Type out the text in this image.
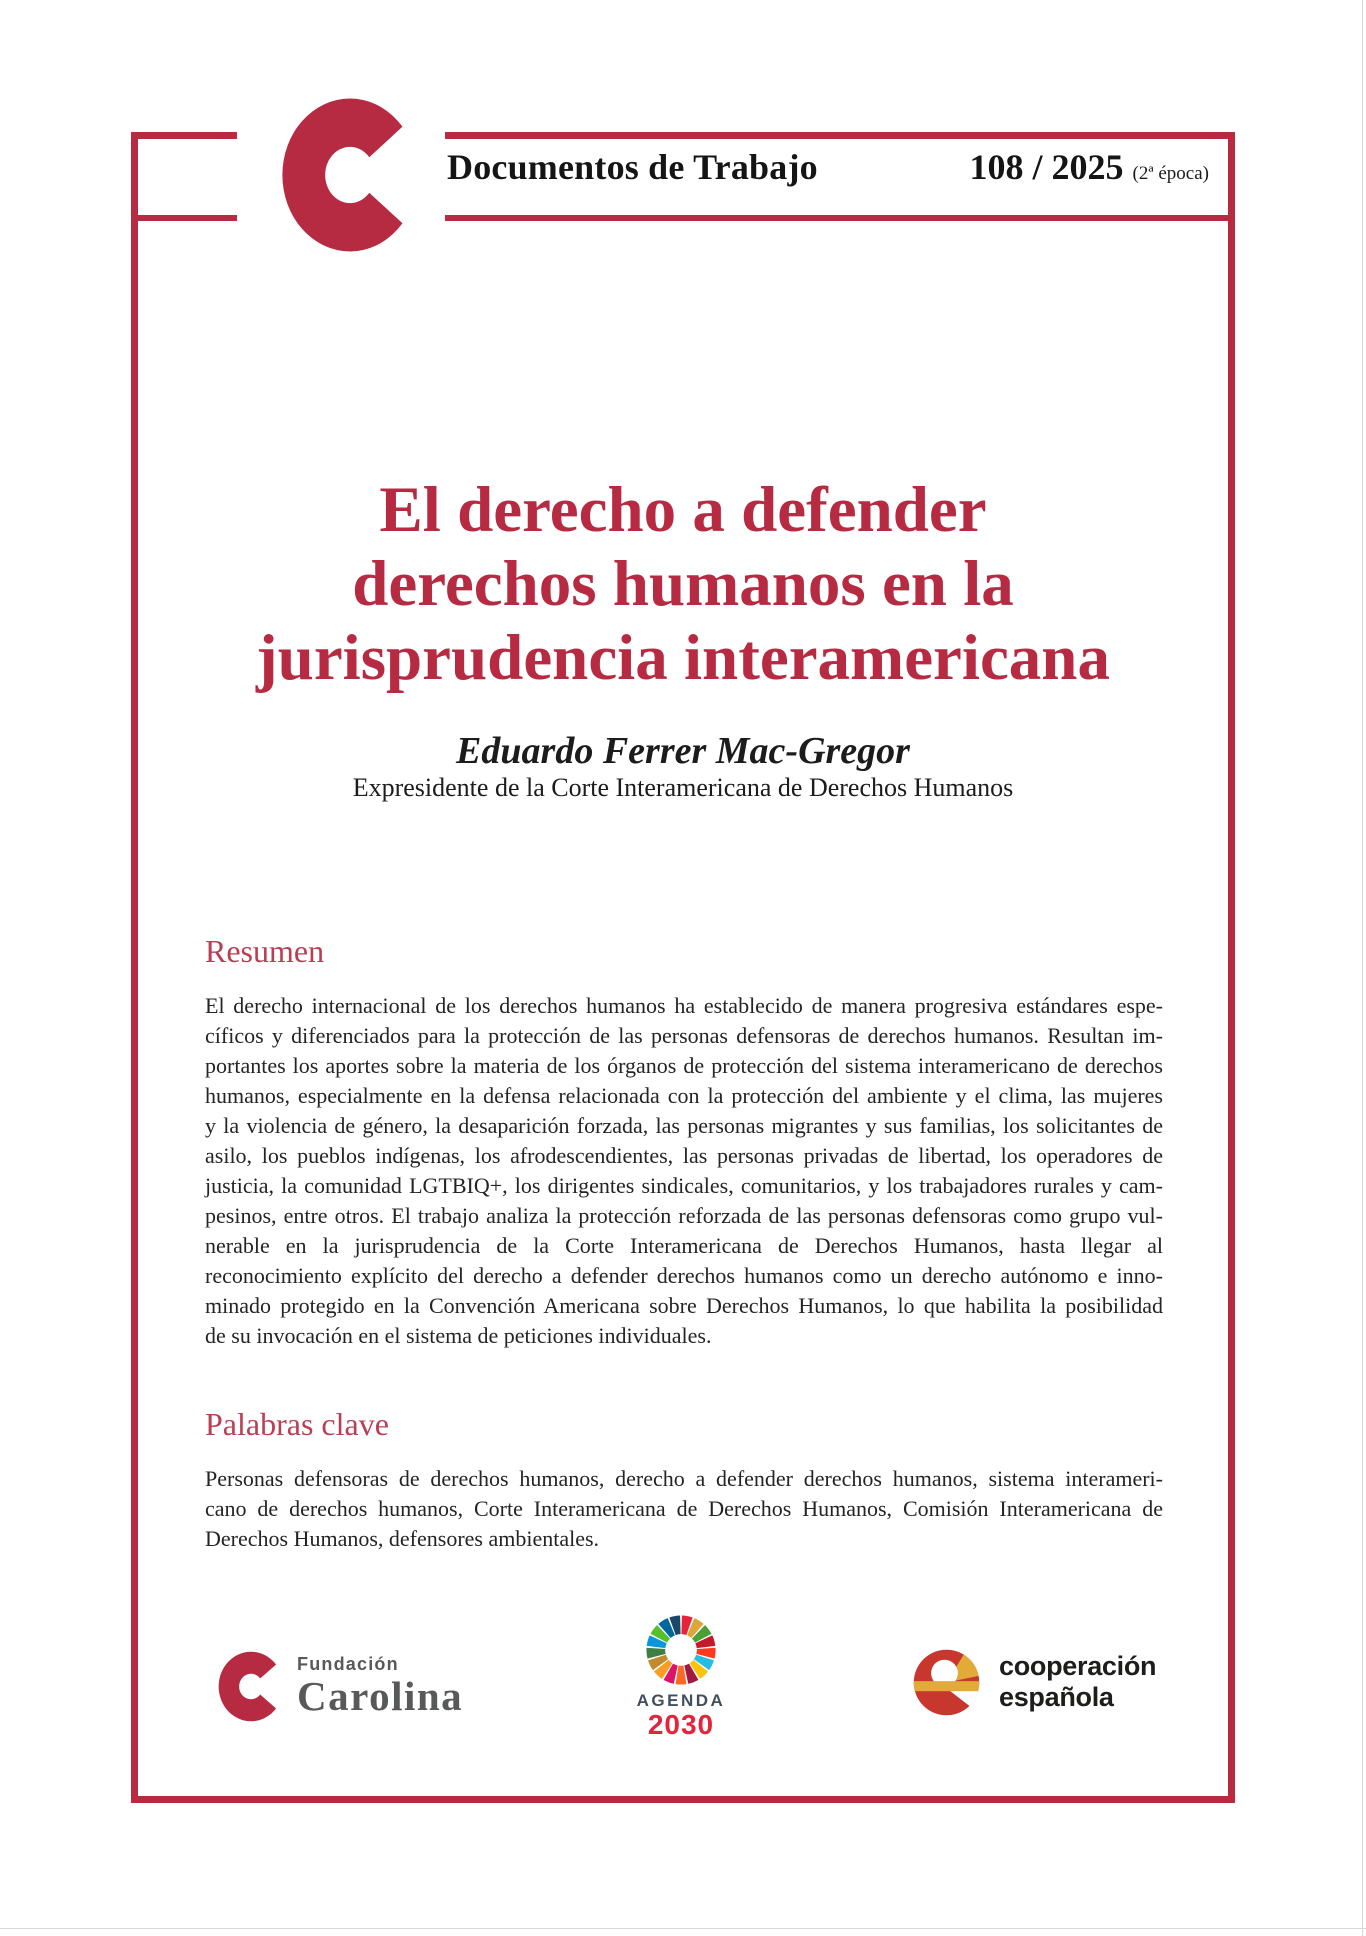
Documentos de Trabajo	108 / 2025 (2ª época)
El derecho a defender
derechos humanos en la
jurisprudencia interamericana
Eduardo Ferrer Mac-Gregor
Expresidente de la Corte Interamericana de Derechos Humanos
Resumen
El derecho internacional de los derechos humanos ha establecido de manera progresiva estándares espe-
cíficos y diferenciados para la protección de las personas defensoras de derechos humanos. Resultan im-
portantes los aportes sobre la materia de los órganos de protección del sistema interamericano de derechos
humanos, especialmente en la defensa relacionada con la protección del ambiente y el clima, las mujeres
y la violencia de género, la desaparición forzada, las personas migrantes y sus familias, los solicitantes de
asilo, los pueblos indígenas, los afrodescendientes, las personas privadas de libertad, los operadores de
justicia, la comunidad LGTBIQ+, los dirigentes sindicales, comunitarios, y los trabajadores rurales y cam-
pesinos, entre otros. El trabajo analiza la protección reforzada de las personas defensoras como grupo vul-
nerable en la jurisprudencia de la Corte Interamericana de Derechos Humanos, hasta llegar al
reconocimiento explícito del derecho a defender derechos humanos como un derecho autónomo e inno-
minado protegido en la Convención Americana sobre Derechos Humanos, lo que habilita la posibilidad
de su invocación en el sistema de peticiones individuales.
Palabras clave
Personas defensoras de derechos humanos, derecho a defender derechos humanos, sistema interameri-
cano de derechos humanos, Corte Interamericana de Derechos Humanos, Comisión Interamericana de
Derechos Humanos, defensores ambientales.
Fundación
Carolina	AGENDA
2030
cooperación
española
